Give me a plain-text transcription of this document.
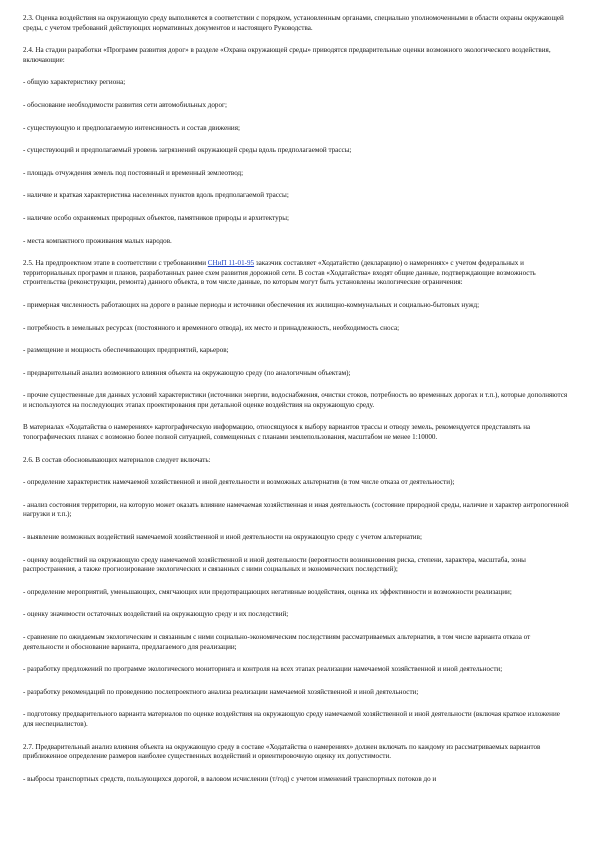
2.3. Оценка воздействия на окружающую среду выполняется в соответствии с порядком, установленным органами, специально уполномоченными в области охраны окружающей среды, с учетом требований действующих нормативных документов и настоящего Руководства.

2.4. На стадии разработки «Программ развития дорог» в разделе «Охрана окружающей среды» приводятся предварительные оценки возможного экологического воздействия, включающие:

- общую характеристику региона;

- обоснование необходимости развития сети автомобильных дорог;

- существующую и предполагаемую интенсивность и состав движения;

- существующий и предполагаемый уровень загрязнений окружающей среды вдоль предполагаемой трассы;

- площадь отчуждения земель под постоянный и временный землеотвод;

- наличие и краткая характеристика населенных пунктов вдоль предполагаемой трассы;

- наличие особо охраняемых природных объектов, памятников природы и архитектуры;

- места компактного проживания малых народов.

2.5. На предпроектном этапе в соответствии с требованиями СНиП 11-01-95 заказчик составляет «Ходатайство (декларацию) о намерениях» с учетом федеральных и территориальных программ и планов, разработанных ранее схем развития дорожной сети. В состав «Ходатайства» входят общие данные, подтверждающие возможность строительства (реконструкции, ремонта) данного объекта, в том числе данные, по которым могут быть установлены экологические ограничения:

- примерная численность работающих на дороге в разные периоды и источники обеспечения их жилищно-коммунальных и социально-бытовых нужд;

- потребность в земельных ресурсах (постоянного и временного отвода), их место и принадлежность, необходимость сноса;

- размещение и мощность обеспечивающих предприятий, карьеров;

- предварительный анализ возможного влияния объекта на окружающую среду (по аналогичным объектам);

- прочие существенные для данных условий характеристики (источники энергии, водоснабжения, очистки стоков, потребность во временных дорогах и т.п.), которые дополняются и используются на последующих этапах проектирования при детальной оценке воздействия на окружающую среду.

В материалах «Ходатайства о намерениях» картографическую информацию, относящуюся к выбору вариантов трассы и отводу земель, рекомендуется представлять на топографических планах с возможно более полной ситуацией, совмещенных с планами землепользования, масштабом не менее 1:10000.

2.6. В состав обосновывающих материалов следует включать:

- определение характеристик намечаемой хозяйственной и иной деятельности и возможных альтернатив (в том числе отказа от деятельности);

- анализ состояния территории, на которую может оказать влияние намечаемая хозяйственная и иная деятельность (состояние природной среды, наличие и характер антропогенной нагрузки и т.п.);

- выявление возможных воздействий намечаемой хозяйственной и иной деятельности на окружающую среду с учетом альтернатив;

- оценку воздействий на окружающую среду намечаемой хозяйственной и иной деятельности (вероятности возникновения риска, степени, характера, масштаба, зоны распространения, а также прогнозирование экологических и связанных с ними социальных и экономических последствий);

- определение мероприятий, уменьшающих, смягчающих или предотвращающих негативные воздействия, оценка их эффективности и возможности реализации;

- оценку значимости остаточных воздействий на окружающую среду и их последствий;

- сравнение по ожидаемым экологическим и связанным с ними социально-экономическим последствиям рассматриваемых альтернатив, в том числе варианта отказа от деятельности и обоснование варианта, предлагаемого для реализации;

- разработку предложений по программе экологического мониторинга и контроля на всех этапах реализации намечаемой хозяйственной и иной деятельности;

- разработку рекомендаций по проведению послепроектного анализа реализации намечаемой хозяйственной и иной деятельности;

- подготовку предварительного варианта материалов по оценке воздействия на окружающую среду намечаемой хозяйственной и иной деятельности (включая краткое изложение для неспециалистов).

2.7. Предварительный анализ влияния объекта на окружающую среду в составе «Ходатайства о намерениях» должен включать по каждому из рассматриваемых вариантов приближенное определение размеров наиболее существенных воздействий и ориентировочную оценку их допустимости.

- выбросы транспортных средств, пользующихся дорогой, в валовом исчислении (т/год) с учетом изменений транспортных потоков до и
